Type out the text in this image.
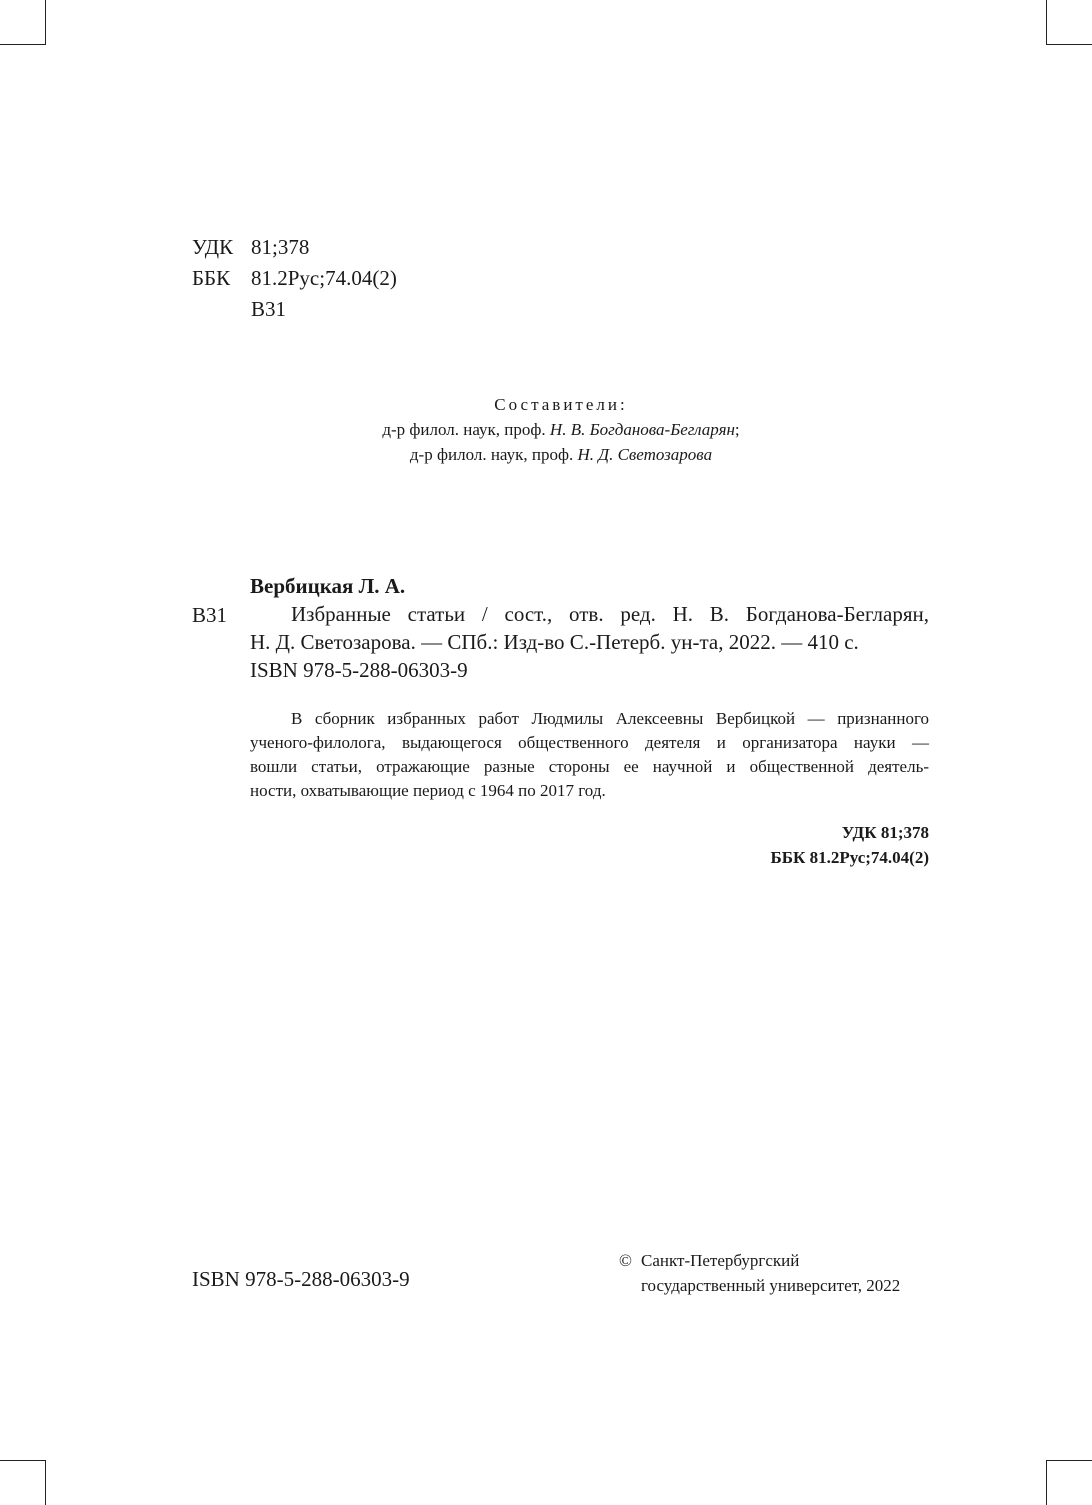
УДК 81;378
ББК 81.2Рус;74.04(2)
В31
Составители:
д-р филол. наук, проф. Н. В. Богданова-Бегларян;
д-р филол. наук, проф. Н. Д. Светозарова
Вербицкая Л. А.
В31	Избранные статьи / сост., отв. ред. Н. В. Богданова-Бегларян,
Н. Д. Светозарова. — СПб.: Изд-во С.-Петерб. ун-та, 2022. — 410 с.
ISBN 978-5-288-06303-9
В сборник избранных работ Людмилы Алексеевны Вербицкой — признанного
ученого-филолога, выдающегося общественного деятеля и организатора науки —
вошли статьи, отражающие разные стороны ее научной и общественной деятель-
ности, охватывающие период с 1964 по 2017 год.
УДК 81;378
ББК 81.2Рус;74.04(2)
ISBN 978-5-288-06303-9
© Санкт-Петербургский
государственный университет, 2022
